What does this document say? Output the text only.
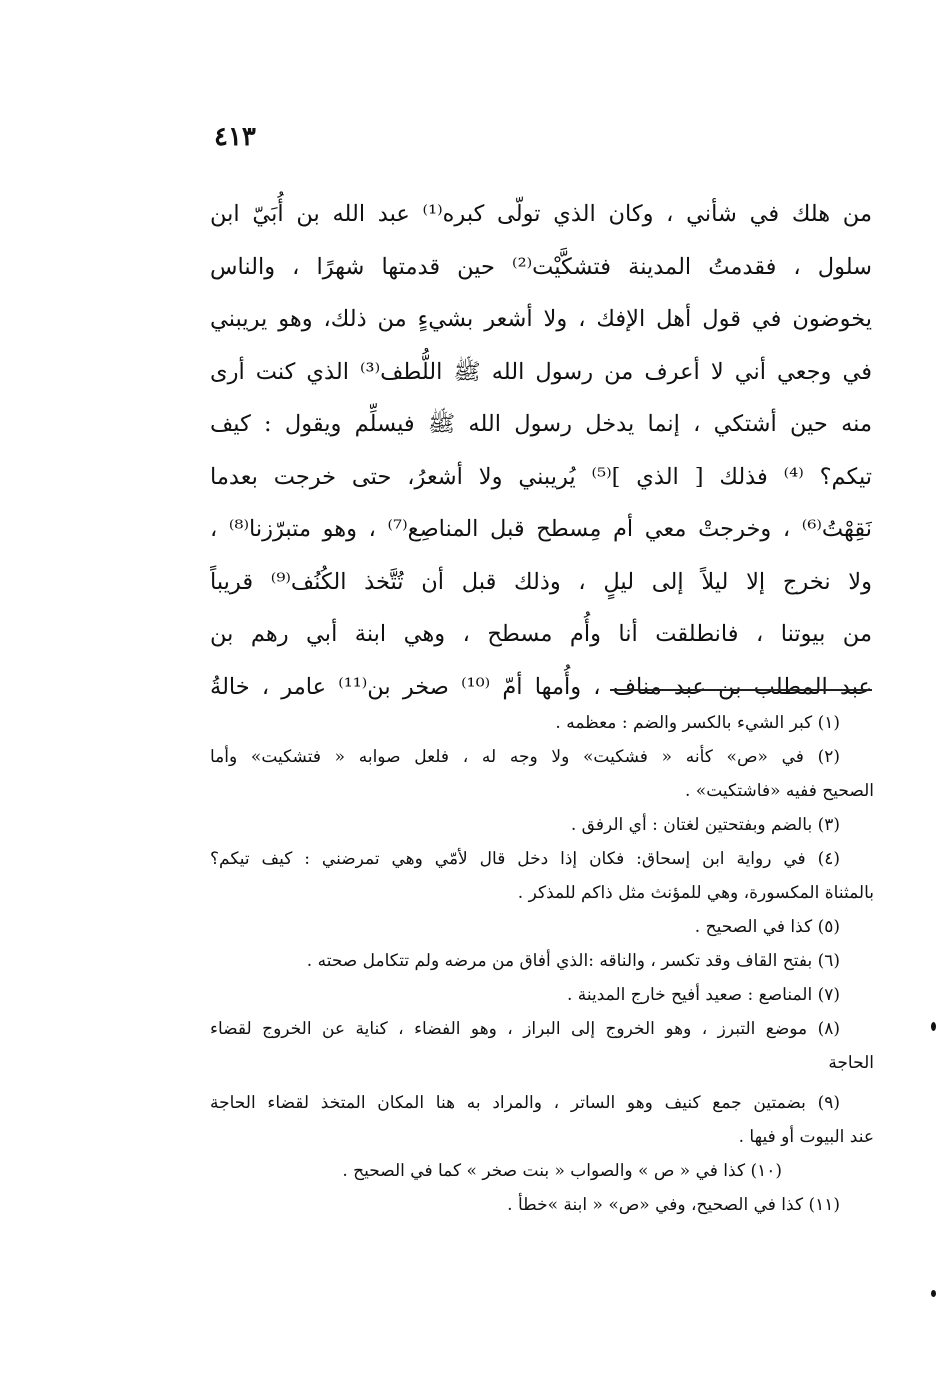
٤١٣
من هلك في شأني ، وكان الذي تولّى كبره⁽¹⁾ عبد الله بن أُبَيّ ابن
سلول ، فقدمتُ المدينة فتشكَّيْت⁽²⁾ حين قدمتها شهرًا ، والناس
يخوضون في قول أهل الإفك ، ولا أشعر بشيءٍ من ذلك، وهو يريبني
في وجعي أني لا أعرف من رسول الله ﷺ اللُّطف⁽³⁾ الذي كنت أرى
منه حين أشتكي ، إنما يدخل رسول الله ﷺ فيسلِّم ويقول : كيف
تيكم؟ ⁽⁴⁾ فذلك [ الذي ]⁽⁵⁾ يُريبني ولا أشعرُ، حتى خرجت بعدما
نَقِهْتُ⁽⁶⁾ ، وخرجتْ معي أم مِسطح قبل المناصِع⁽⁷⁾ ، وهو متبرّزنا⁽⁸⁾ ،
ولا نخرج إلا ليلاً إلى ليلٍ ، وذلك قبل أن تُتَّخذ الكُنُف⁽⁹⁾ قريباً
من بيوتنا ، فانطلقت أنا وأُم مسطح ، وهي ابنة أبي رهم بن
عبد المطلب بن عبد مناف ، وأُمها أمّ ⁽¹⁰⁾ صخر بن⁽¹¹⁾ عامر ، خالةُ
(١) كبر الشيء بالكسر والضم : معظمه .
(٢) في «ص» كأنه « فشكيت» ولا وجه له ، فلعل صوابه « فتشكيت» وأما
الصحيح ففيه «فاشتكيت» .
(٣) بالضم وبفتحتين لغتان : أي الرفق .
(٤) في رواية ابن إسحاق: فكان إذا دخل قال لأمّي وهي تمرضني : كيف تيكم؟
بالمثناة المكسورة، وهي للمؤنث مثل ذاكم للمذكر .
(٥) كذا في الصحيح .
(٦) بفتح القاف وقد تكسر ، والناقه :الذي أفاق من مرضه ولم تتكامل صحته .
(٧) المناصع : صعيد أفيح خارج المدينة .
(٨) موضع التبرز ، وهو الخروج إلى البراز ، وهو الفضاء ، كناية عن الخروج لقضاء
الحاجة
(٩) بضمتين جمع كنيف وهو الساتر ، والمراد به هنا المكان المتخذ لقضاء الحاجة
عند البيوت أو فيها .
(١٠) كذا في « ص » والصواب « بنت صخر » كما في الصحيح .
(١١) كذا في الصحيح، وفي «ص» « ابنة »خطأ .
